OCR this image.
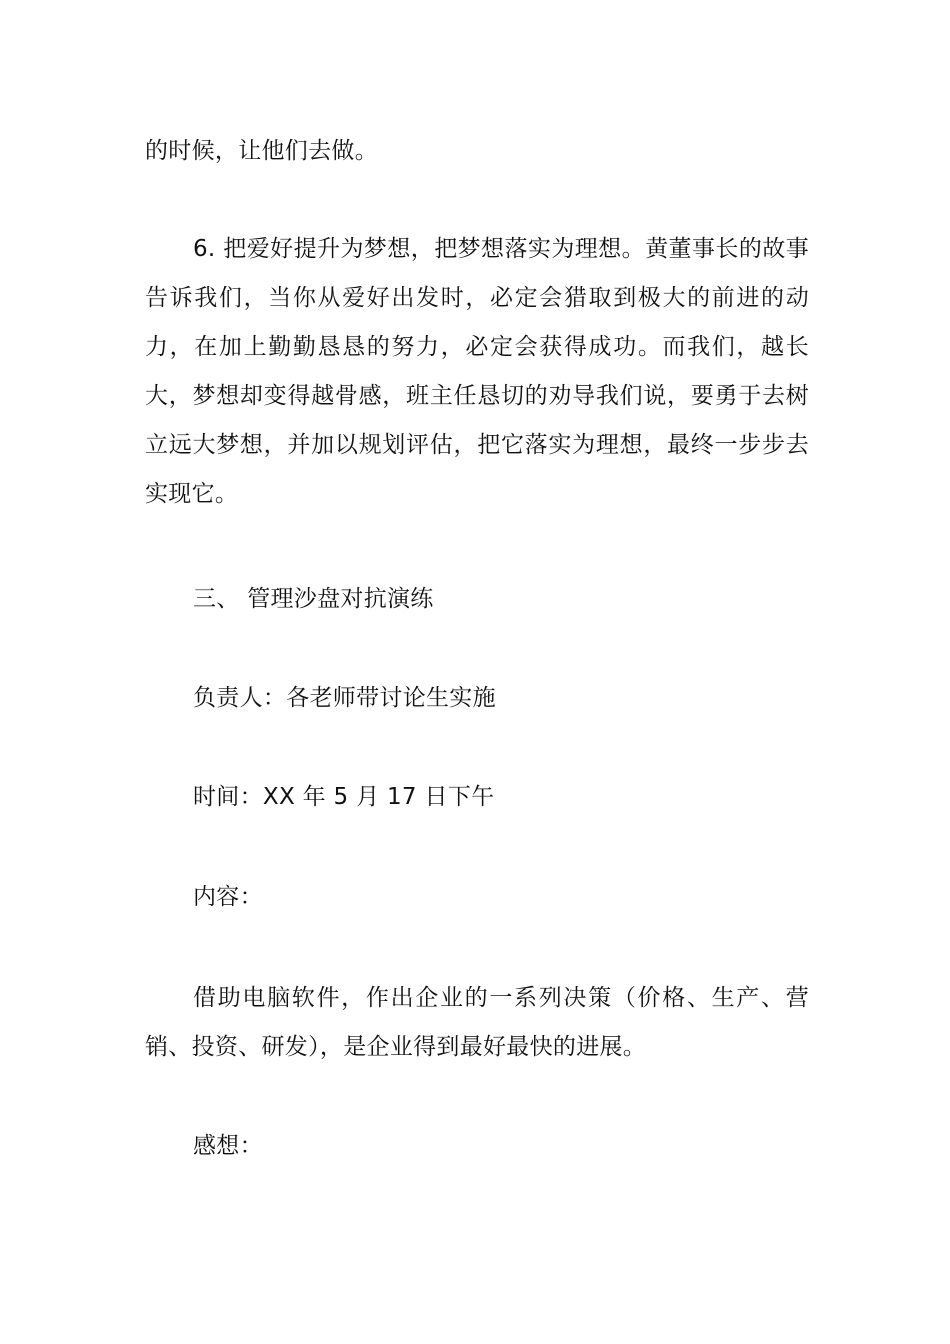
的时候，让他们去做。

6. 把爱好提升为梦想，把梦想落实为理想。黄董事长的故事告诉我们，当你从爱好出发时，必定会猎取到极大的前进的动力，在加上勤勤恳恳的努力，必定会获得成功。而我们，越长大，梦想却变得越骨感，班主任恳切的劝导我们说，要勇于去树立远大梦想，并加以规划评估，把它落实为理想，最终一步步去实现它。

三、 管理沙盘对抗演练

负责人：各老师带讨论生实施

时间：XX 年 5 月 17 日下午

内容：

借助电脑软件，作出企业的一系列决策（价格、生产、营销、投资、研发），是企业得到最好最快的进展。

感想：
